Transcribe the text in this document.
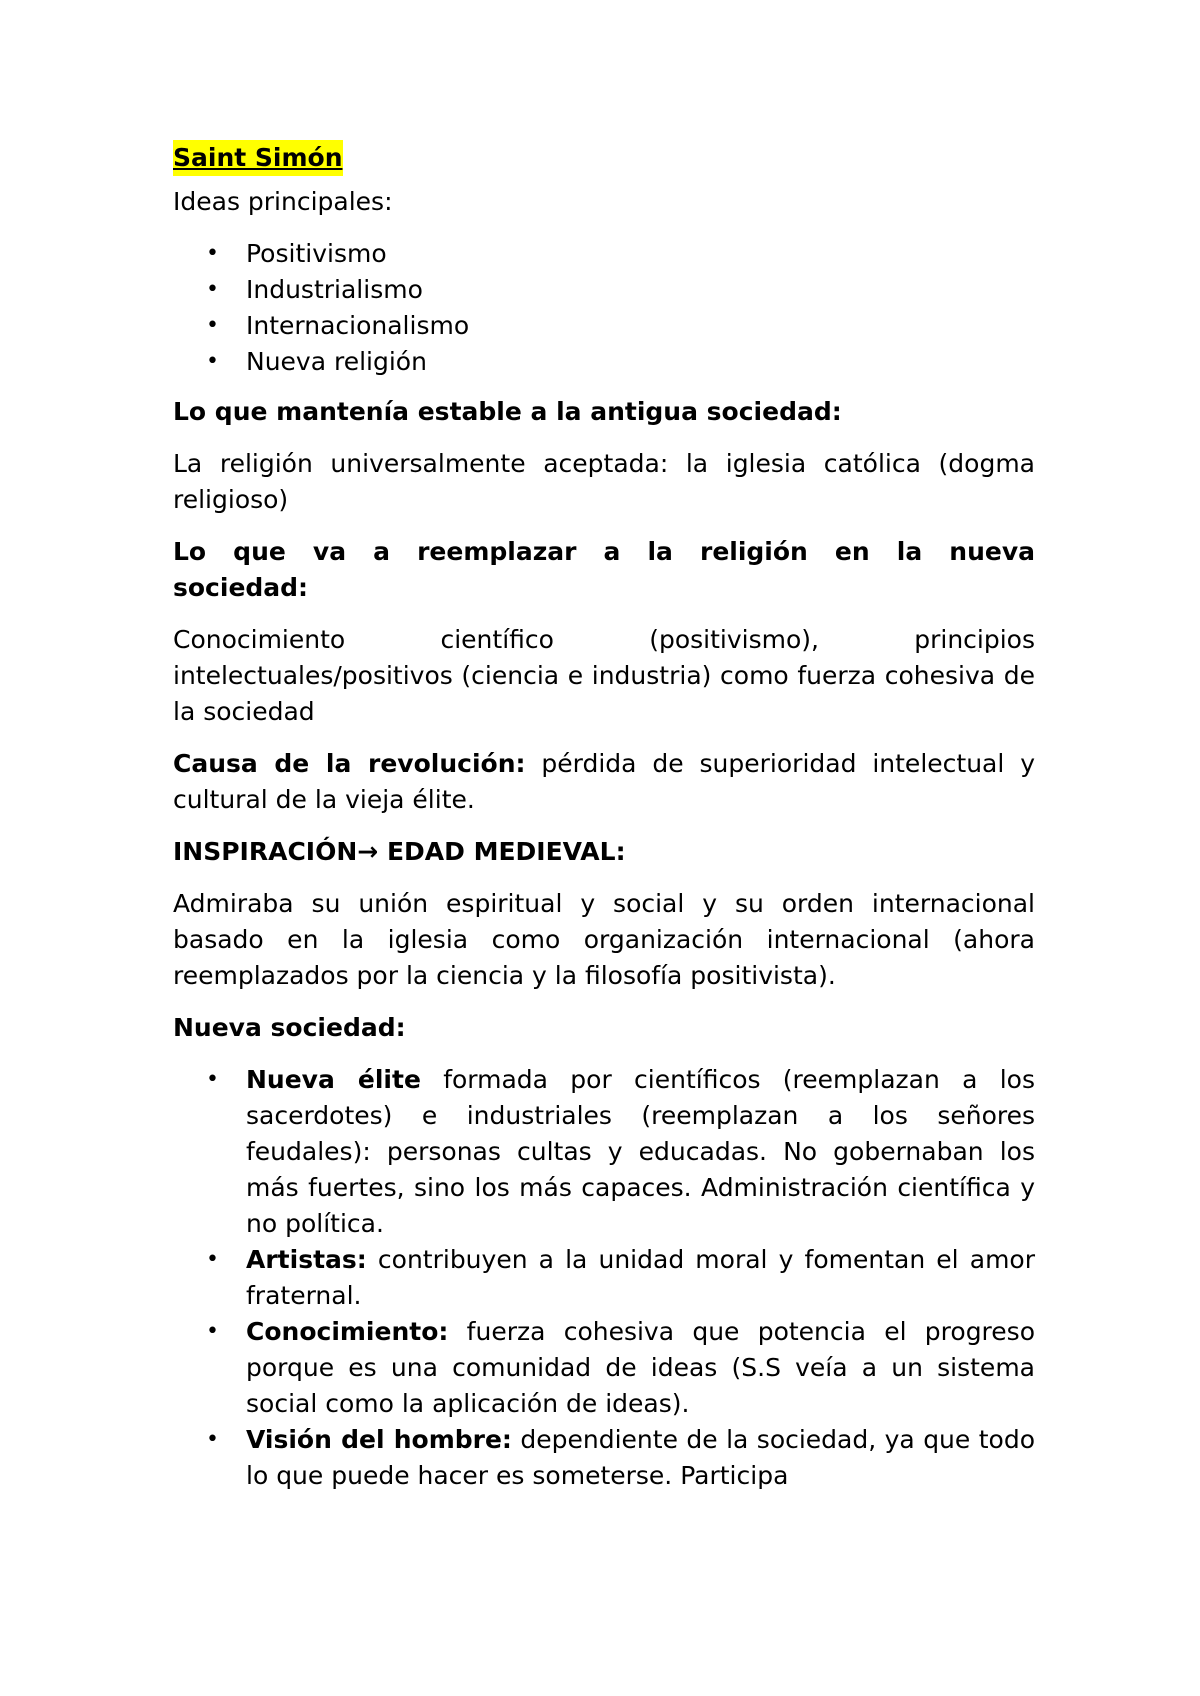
Saint Simón

Ideas principales:

• Positivismo
• Industrialismo
• Internacionalismo
• Nueva religión
Lo que mantenía estable a la antigua sociedad:

La religión universalmente aceptada: la iglesia católica (dogma religioso)

Lo que va a reemplazar a la religión en la nueva sociedad:

Conocimiento científico (positivismo), principios intelectuales/positivos (ciencia e industria) como fuerza cohesiva de la sociedad

Causa de la revolución: pérdida de superioridad intelectual y cultural de la vieja élite.

INSPIRACIÓN→ EDAD MEDIEVAL:

Admiraba su unión espiritual y social y su orden internacional basado en la iglesia como organización internacional (ahora reemplazados por la ciencia y la filosofía positivista).

Nueva sociedad:
• Nueva élite formada por científicos (reemplazan a los sacerdotes) e industriales (reemplazan a los señores feudales): personas cultas y educadas. No gobernaban los más fuertes, sino los más capaces. Administración científica y no política.
• Artistas: contribuyen a la unidad moral y fomentan el amor fraternal.
• Conocimiento: fuerza cohesiva que potencia el progreso porque es una comunidad de ideas (S.S veía a un sistema social como la aplicación de ideas).
• Visión del hombre: dependiente de la sociedad, ya que todo lo que puede hacer es someterse. Participa
